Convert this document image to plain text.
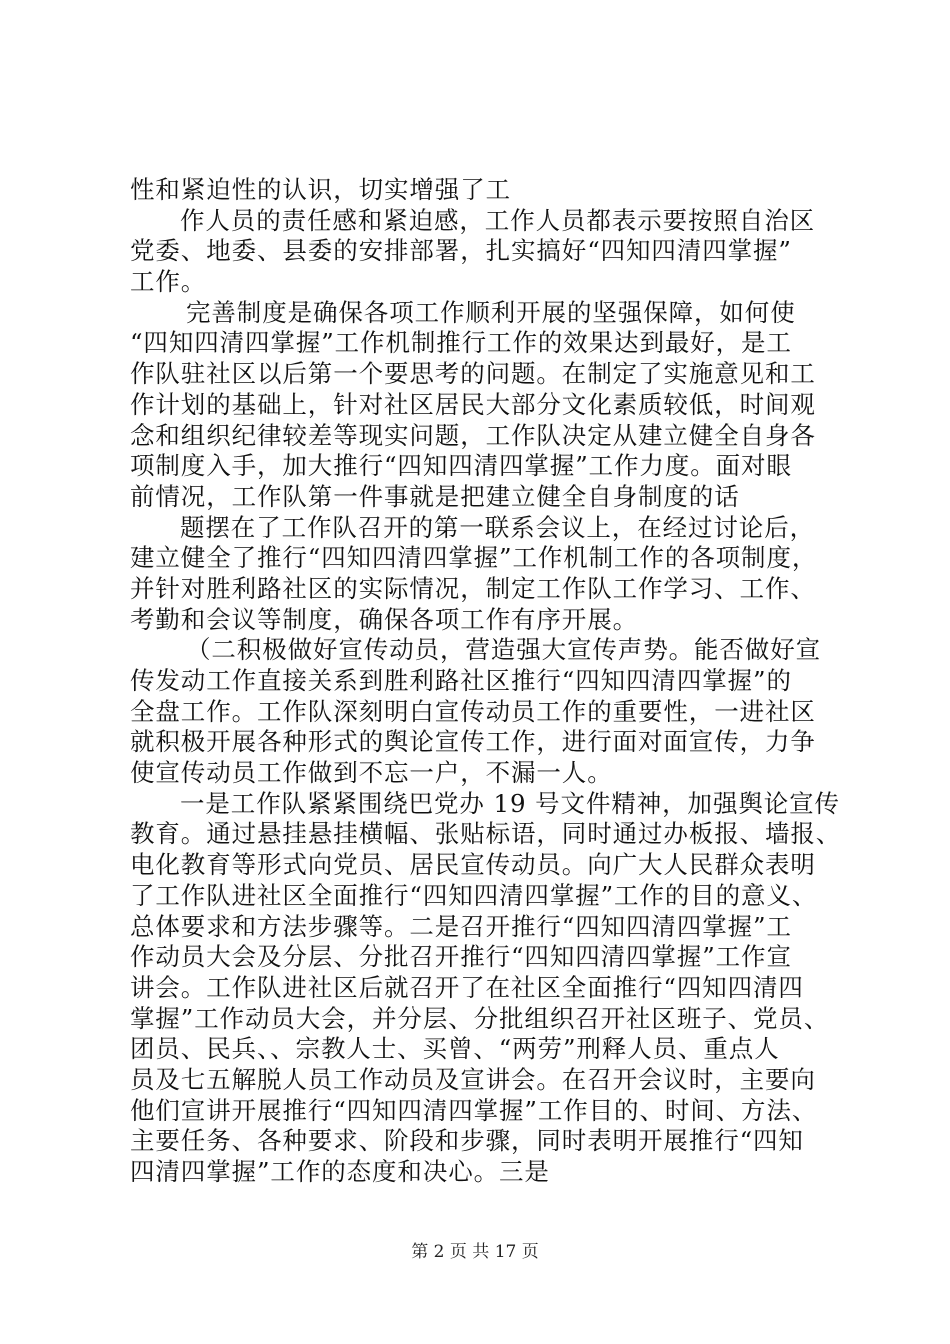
性和紧迫性的认识，切实增强了工
作人员的责任感和紧迫感，工作人员都表示要按照自治区
党委、地委、县委的安排部署，扎实搞好“四知四清四掌握”
工作。
完善制度是确保各项工作顺利开展的坚强保障，如何使
“四知四清四掌握”工作机制推行工作的效果达到最好，是工
作队驻社区以后第一个要思考的问题。在制定了实施意见和工
作计划的基础上，针对社区居民大部分文化素质较低，时间观
念和组织纪律较差等现实问题，工作队决定从建立健全自身各
项制度入手，加大推行“四知四清四掌握”工作力度。面对眼
前情况，工作队第一件事就是把建立健全自身制度的话
题摆在了工作队召开的第一联系会议上，在经过讨论后，
建立健全了推行“四知四清四掌握”工作机制工作的各项制度，
并针对胜利路社区的实际情况，制定工作队工作学习、工作、
考勤和会议等制度，确保各项工作有序开展。
（二积极做好宣传动员，营造强大宣传声势。能否做好宣
传发动工作直接关系到胜利路社区推行“四知四清四掌握”的
全盘工作。工作队深刻明白宣传动员工作的重要性，一进社区
就积极开展各种形式的舆论宣传工作，进行面对面宣传，力争
使宣传动员工作做到不忘一户，不漏一人。
一是工作队紧紧围绕巴党办 19 号文件精神，加强舆论宣传
教育。通过悬挂悬挂横幅、张贴标语，同时通过办板报、墙报、
电化教育等形式向党员、居民宣传动员。向广大人民群众表明
了工作队进社区全面推行“四知四清四掌握”工作的目的意义、
总体要求和方法步骤等。二是召开推行“四知四清四掌握”工
作动员大会及分层、分批召开推行“四知四清四掌握”工作宣
讲会。工作队进社区后就召开了在社区全面推行“四知四清四
掌握”工作动员大会，并分层、分批组织召开社区班子、党员、
团员、民兵、、宗教人士、买曾、“两劳”刑释人员、重点人
员及七五解脱人员工作动员及宣讲会。在召开会议时，主要向
他们宣讲开展推行“四知四清四掌握”工作目的、时间、方法、
主要任务、各种要求、阶段和步骤，同时表明开展推行“四知
四清四掌握”工作的态度和决心。三是
第 2 页 共 17 页
